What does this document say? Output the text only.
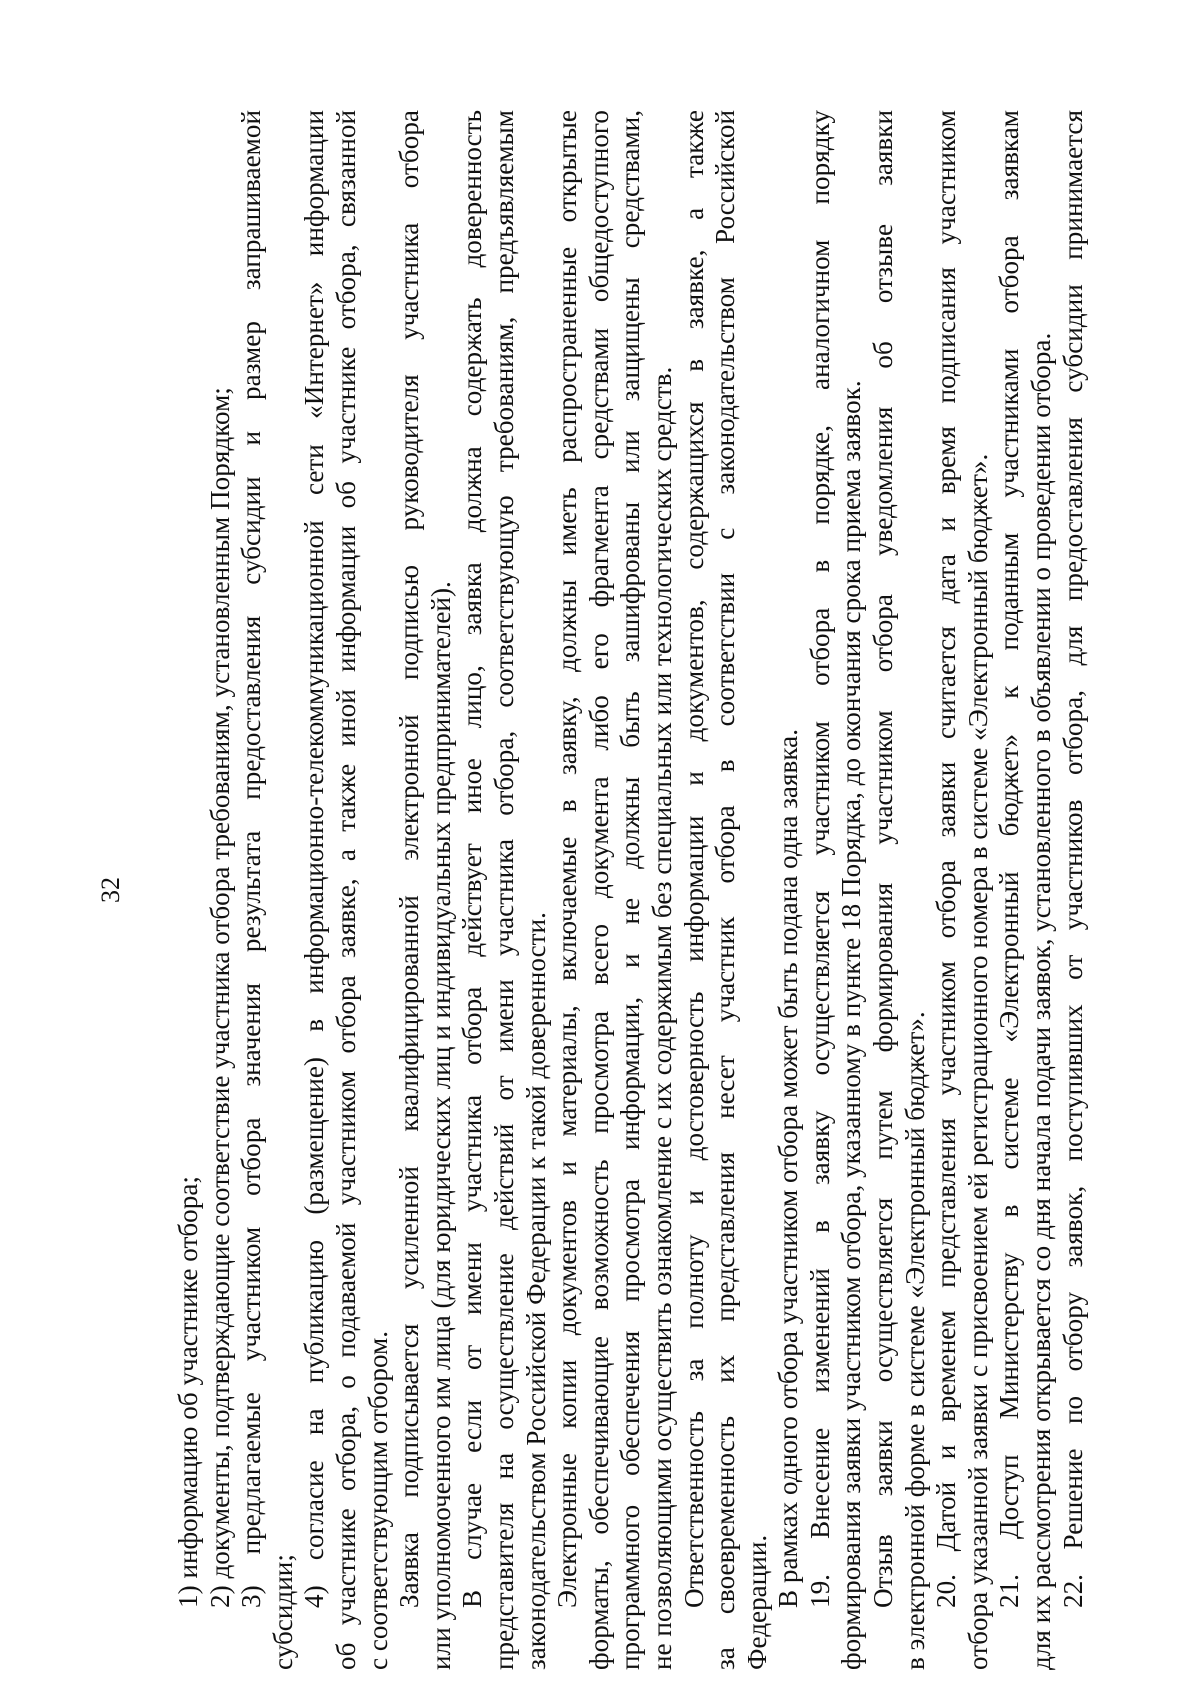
32
1) информацию об участнике отбора; 2) документы, подтверждающие соответствие участника отбора требованиям, установленным Порядком; 3) предлагаемые участником отбора значения результата предоставления субсидии и размер запрашиваемой
субсидии;
4) согласие на публикацию (размещение) в информационно-телекоммуникационной сети «Интернет» информации об участнике отбора, о подаваемой участником отбора заявке, а также иной информации об участнике отбора, связанной с соответствующим отбором. Заявка подписывается усиленной квалифицированной электронной подписью руководителя участника отбора или уполномоченного им лица (для юридических лиц и индивидуальных предпринимателей). В случае если от имени участника отбора действует иное лицо, заявка должна содержать доверенность представителя на осуществление действий от имени участника отбора, соответствующую требованиям, предъявляемым законодательством Российской Федерации к такой доверенности. Электронные копии документов и материалы, включаемые в заявку, должны иметь распространенные открытые форматы, обеспечивающие возможность просмотра всего документа либо его фрагмента средствами общедоступного программного обеспечения просмотра информации, и не должны быть зашифрованы или защищены средствами, не позволяющими осуществить ознакомление с их содержимым без специальных или технологических средств. Ответственность за полноту и достоверность информации и документов, содержащихся в заявке, а также за своевременность их представления несет участник отбора в соответствии с законодательством Российской Федерации. В рамках одного отбора участником отбора может быть подана одна заявка. 19. Внесение изменений в заявку осуществляется участником отбора в порядке, аналогичном порядку формирования заявки участником отбора, указанному в пункте 18 Порядка, до окончания срока приема заявок. Отзыв заявки осуществляется путем формирования участником отбора уведомления об отзыве заявки в электронной форме в системе «Электронный бюджет». 20. Датой и временем представления участником отбора заявки считается дата и время подписания участником отбора указанной заявки с присвоением ей регистрационного номера в системе «Электронный бюджет». 21. Доступ Министерству в системе «Электронный бюджет» к поданным участниками отбора заявкам для их рассмотрения открывается со дня начала подачи заявок, установленного в объявлении о проведении отбора. 22. Решение по отбору заявок, поступивших от участников отбора, для предоставления субсидии принимается
